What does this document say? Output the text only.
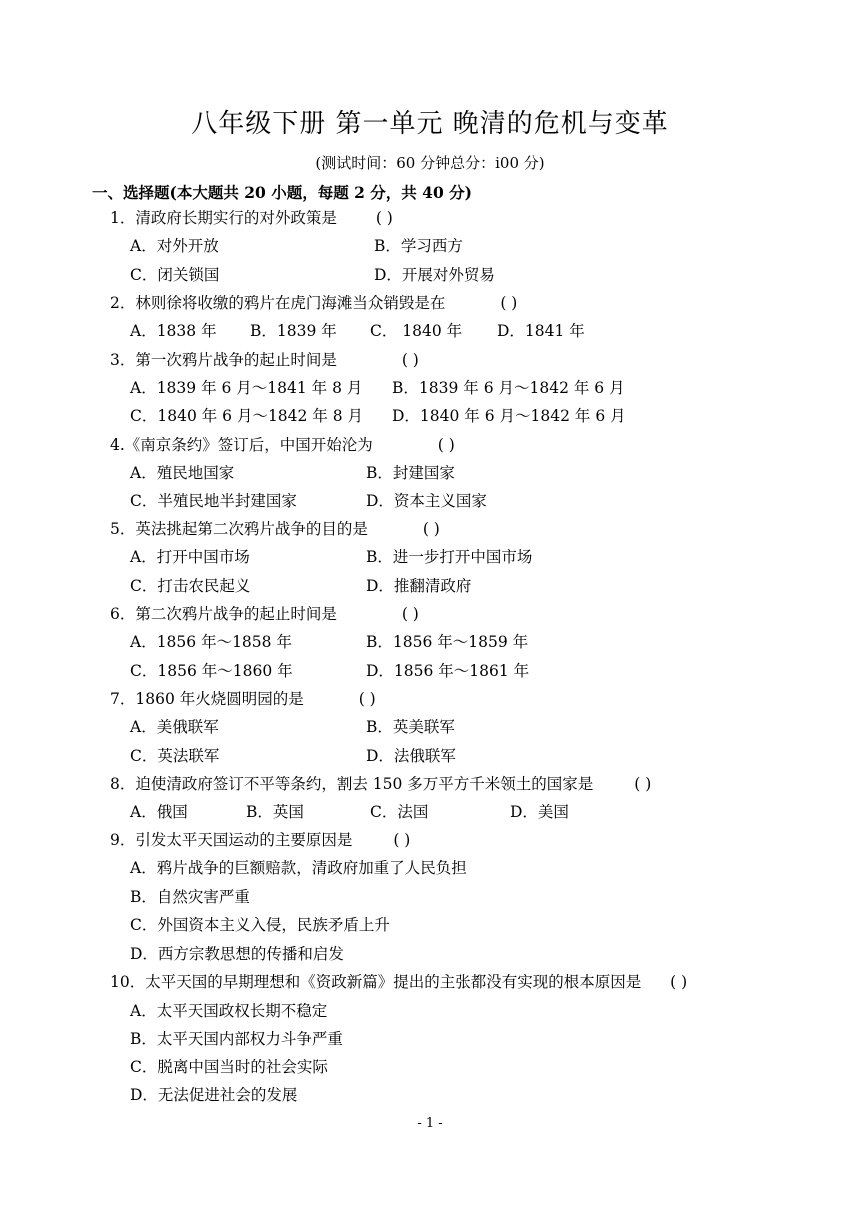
八年级下册 第一单元 晚清的危机与变革
(测试时间：60 分钟总分：i00 分)
一、选择题(本大题共 20 小题，每题 2 分，共 40 分)
1．清政府长期实行的对外政策是	( )
A．对外开放	B．学习西方
C．闭关锁国	D．开展对外贸易
2．林则徐将收缴的鸦片在虎门海滩当众销毁是在	( )
A．1838 年 B．1839 年 C． 1840 年 D．1841 年
3．第一次鸦片战争的起止时间是	( )
A．1839 年 6 月～1841 年 8 月 B．1839 年 6 月～1842 年 6 月
C．1840 年 6 月～1842 年 8 月 D．1840 年 6 月～1842 年 6 月
4.《南京条约》签订后，中国开始沦为	( )
A．殖民地国家	B．封建国家
C．半殖民地半封建国家	D．资本主义国家
5．英法挑起第二次鸦片战争的目的是	( )
A．打开中国市场	B．进一步打开中国市场
C．打击农民起义	D．推翻清政府
6．第二次鸦片战争的起止时间是	( )
A．1856 年～1858 年	B．1856 年～1859 年
C．1856 年～1860 年	D．1856 年～1861 年
7．1860 年火烧圆明园的是	( )
A．美俄联军	B．英美联军
C．英法联军	D．法俄联军
8．迫使清政府签订不平等条约，割去 150 多万平方千米领土的国家是	( )
A．俄国	B．英国	C．法国	D．美国
9．引发太平天国运动的主要原因是	( )
A．鸦片战争的巨额赔款，清政府加重了人民负担
B．自然灾害严重
C．外国资本主义入侵，民族矛盾上升
D．西方宗教思想的传播和启发
10．太平天国的早期理想和《资政新篇》提出的主张都没有实现的根本原因是 ( )
A．太平天国政权长期不稳定
B．太平天国内部权力斗争严重
C．脱离中国当时的社会实际
D．无法促进社会的发展
- 1 -
